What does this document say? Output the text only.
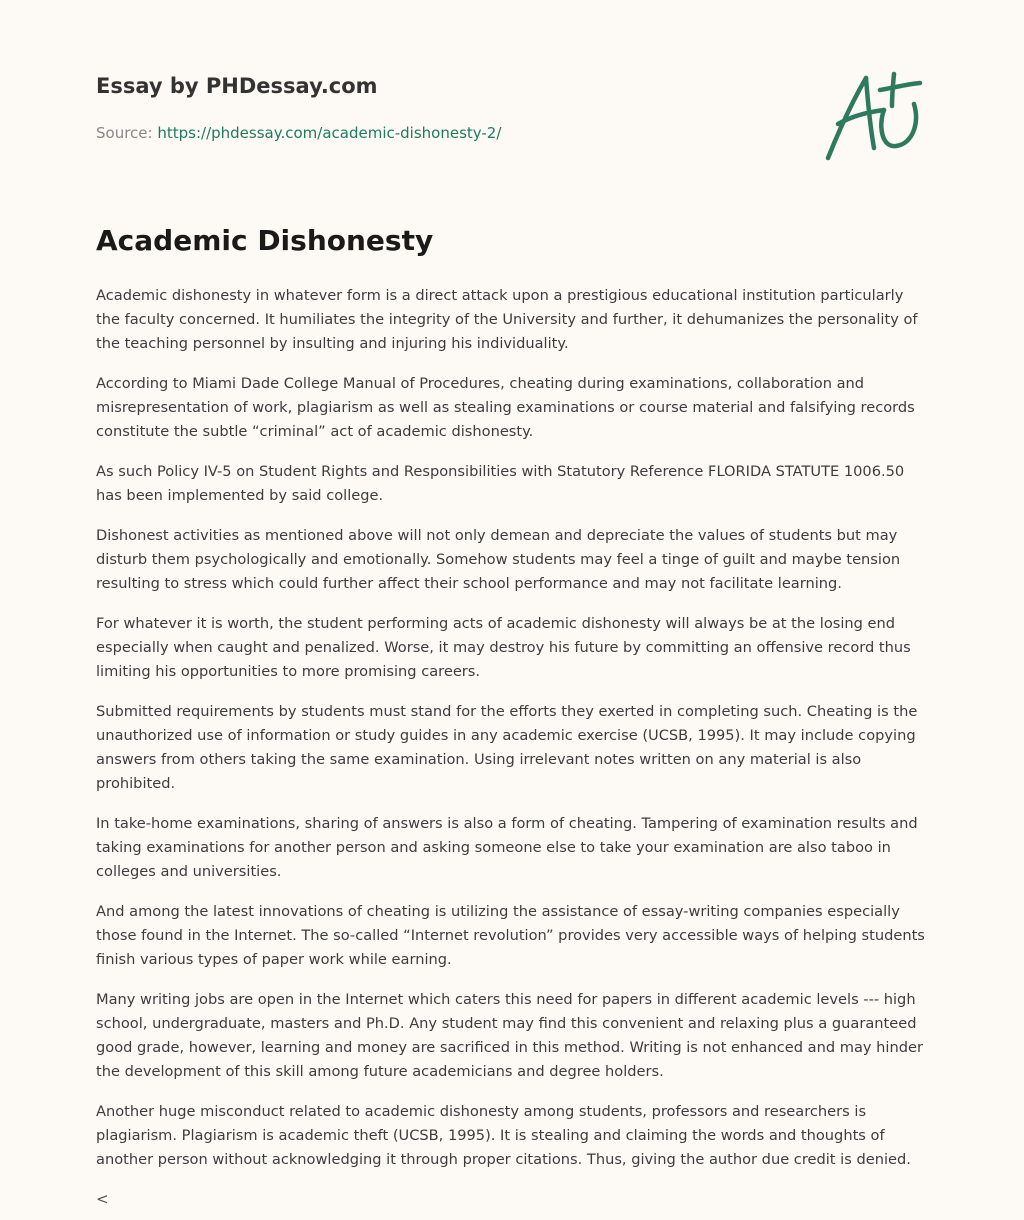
Essay by PHDessay.com
Source: https://phdessay.com/academic-dishonesty-2/
Academic Dishonesty

Academic dishonesty in whatever form is a direct attack upon a prestigious educational institution particularly the faculty concerned. It humiliates the integrity of the University and further, it dehumanizes the personality of the teaching personnel by insulting and injuring his individuality.

According to Miami Dade College Manual of Procedures, cheating during examinations, collaboration and misrepresentation of work, plagiarism as well as stealing examinations or course material and falsifying records constitute the subtle “criminal” act of academic dishonesty.

As such Policy IV-5 on Student Rights and Responsibilities with Statutory Reference FLORIDA STATUTE 1006.50 has been implemented by said college.

Dishonest activities as mentioned above will not only demean and depreciate the values of students but may disturb them psychologically and emotionally. Somehow students may feel a tinge of guilt and maybe tension resulting to stress which could further affect their school performance and may not facilitate learning.

For whatever it is worth, the student performing acts of academic dishonesty will always be at the losing end especially when caught and penalized. Worse, it may destroy his future by committing an offensive record thus limiting his opportunities to more promising careers.

Submitted requirements by students must stand for the efforts they exerted in completing such. Cheating is the unauthorized use of information or study guides in any academic exercise (UCSB, 1995). It may include copying answers from others taking the same examination. Using irrelevant notes written on any material is also prohibited.

In take-home examinations, sharing of answers is also a form of cheating. Tampering of examination results and taking examinations for another person and asking someone else to take your examination are also taboo in colleges and universities.

And among the latest innovations of cheating is utilizing the assistance of essay-writing companies especially those found in the Internet. The so-called “Internet revolution” provides very accessible ways of helping students finish various types of paper work while earning.

Many writing jobs are open in the Internet which caters this need for papers in different academic levels --- high school, undergraduate, masters and Ph.D. Any student may find this convenient and relaxing plus a guaranteed good grade, however, learning and money are sacrificed in this method. Writing is not enhanced and may hinder the development of this skill among future academicians and degree holders.

Another huge misconduct related to academic dishonesty among students, professors and researchers is plagiarism. Plagiarism is academic theft (UCSB, 1995). It is stealing and claiming the words and thoughts of another person without acknowledging it through proper citations. Thus, giving the author due credit is denied.

<
